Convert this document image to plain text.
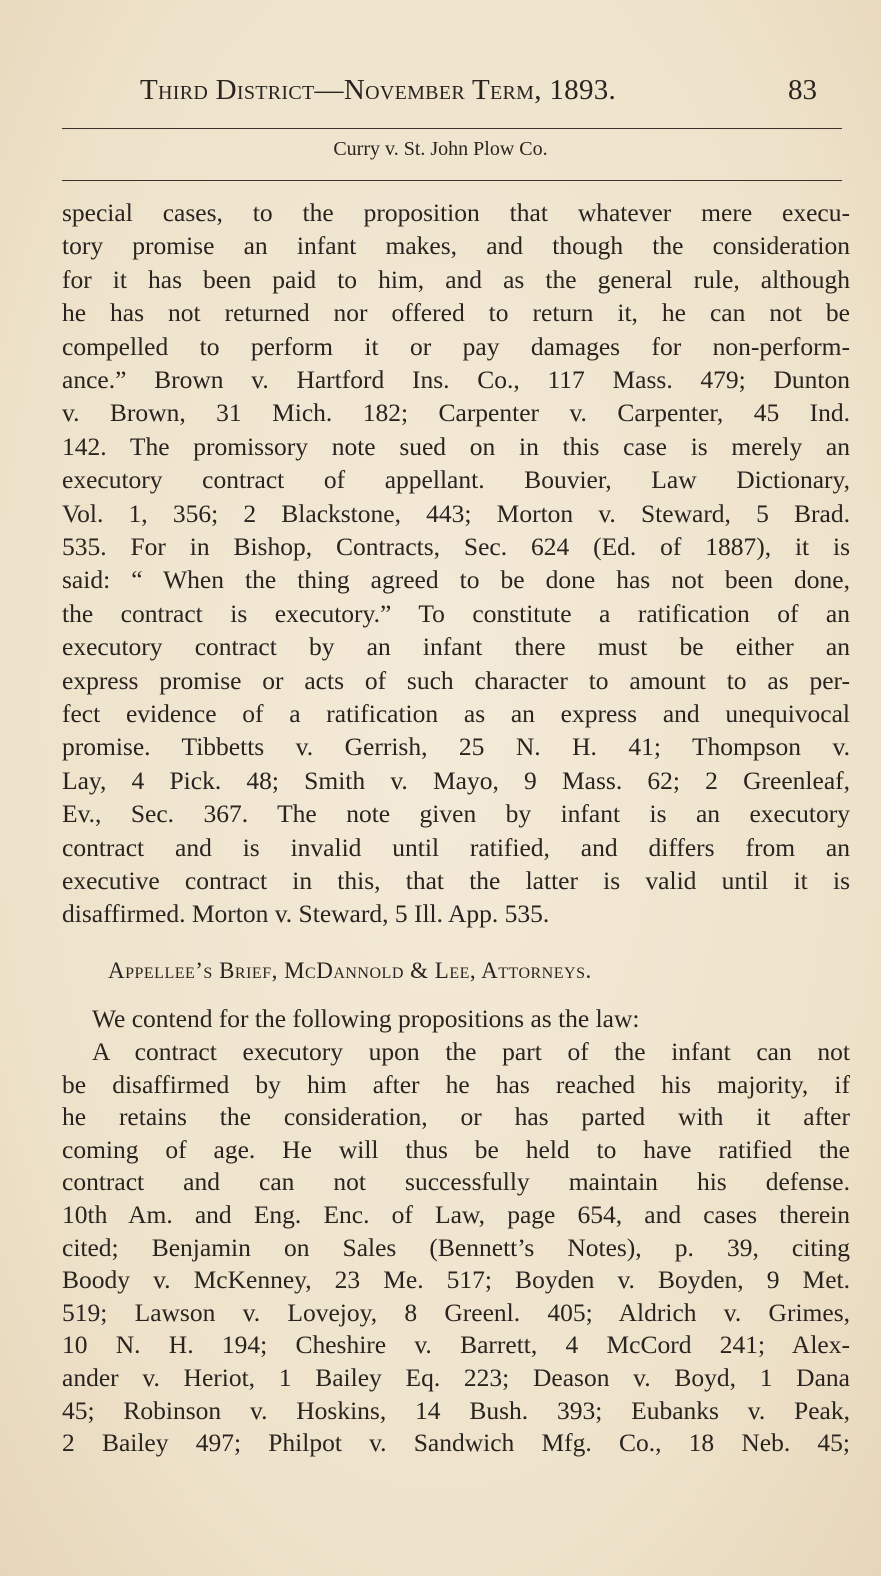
Third District—November Term, 1893.	83
Curry v. St. John Plow Co.
special cases, to the proposition that whatever mere execu-
tory promise an infant makes, and though the consideration
for it has been paid to him, and as the general rule, although
he has not returned nor offered to return it, he can not be
compelled to perform it or pay damages for non-perform-
ance.” Brown v. Hartford Ins. Co., 117 Mass. 479; Dunton
v. Brown, 31 Mich. 182; Carpenter v. Carpenter, 45 Ind.
142. The promissory note sued on in this case is merely an
executory contract of appellant. Bouvier, Law Dictionary,
Vol. 1, 356; 2 Blackstone, 443; Morton v. Steward, 5 Brad.
535. For in Bishop, Contracts, Sec. 624 (Ed. of 1887), it is
said: “ When the thing agreed to be done has not been done,
the contract is executory.” To constitute a ratification of an
executory contract by an infant there must be either an
express promise or acts of such character to amount to as per-
fect evidence of a ratification as an express and unequivocal
promise. Tibbetts v. Gerrish, 25 N. H. 41; Thompson v.
Lay, 4 Pick. 48; Smith v. Mayo, 9 Mass. 62; 2 Greenleaf,
Ev., Sec. 367. The note given by infant is an executory
contract and is invalid until ratified, and differs from an
executive contract in this, that the latter is valid until it is
disaffirmed. Morton v. Steward, 5 Ill. App. 535.
Appellee’s Brief, McDannold & Lee, Attorneys.
We contend for the following propositions as the law:
A contract executory upon the part of the infant can not
be disaffirmed by him after he has reached his majority, if
he retains the consideration, or has parted with it after
coming of age. He will thus be held to have ratified the
contract and can not successfully maintain his defense.
10th Am. and Eng. Enc. of Law, page 654, and cases therein
cited; Benjamin on Sales (Bennett’s Notes), p. 39, citing
Boody v. McKenney, 23 Me. 517; Boyden v. Boyden, 9 Met.
519; Lawson v. Lovejoy, 8 Greenl. 405; Aldrich v. Grimes,
10 N. H. 194; Cheshire v. Barrett, 4 McCord 241; Alex-
ander v. Heriot, 1 Bailey Eq. 223; Deason v. Boyd, 1 Dana
45; Robinson v. Hoskins, 14 Bush. 393; Eubanks v. Peak,
2 Bailey 497; Philpot v. Sandwich Mfg. Co., 18 Neb. 45;
